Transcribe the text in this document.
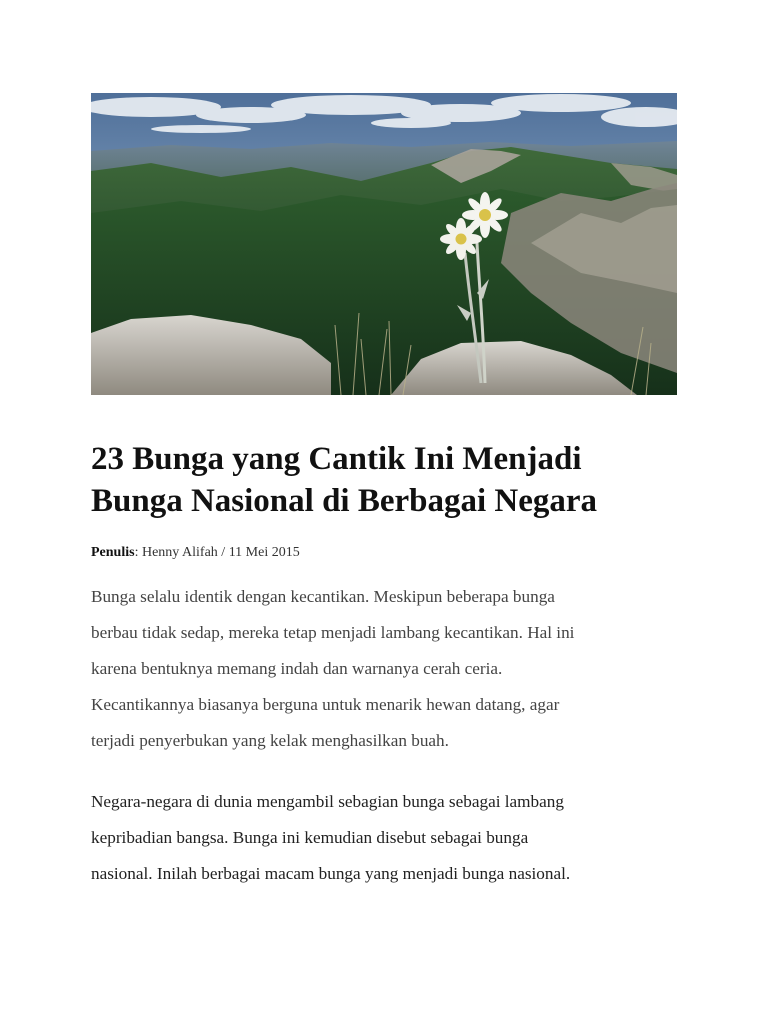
23 Bunga yang Cantik Ini Menjadi
Bunga Nasional di Berbagai Negara

Penulis: Henny Alifah / 11 Mei 2015

Bunga selalu identik dengan kecantikan. Meskipun beberapa bunga
berbau tidak sedap, mereka tetap menjadi lambang kecantikan. Hal ini
karena bentuknya memang indah dan warnanya cerah ceria.
Kecantikannya biasanya berguna untuk menarik hewan datang, agar
terjadi penyerbukan yang kelak menghasilkan buah.

Negara-negara di dunia mengambil sebagian bunga sebagai lambang
kepribadian bangsa. Bunga ini kemudian disebut sebagai bunga
nasional. Inilah berbagai macam bunga yang menjadi bunga nasional.
